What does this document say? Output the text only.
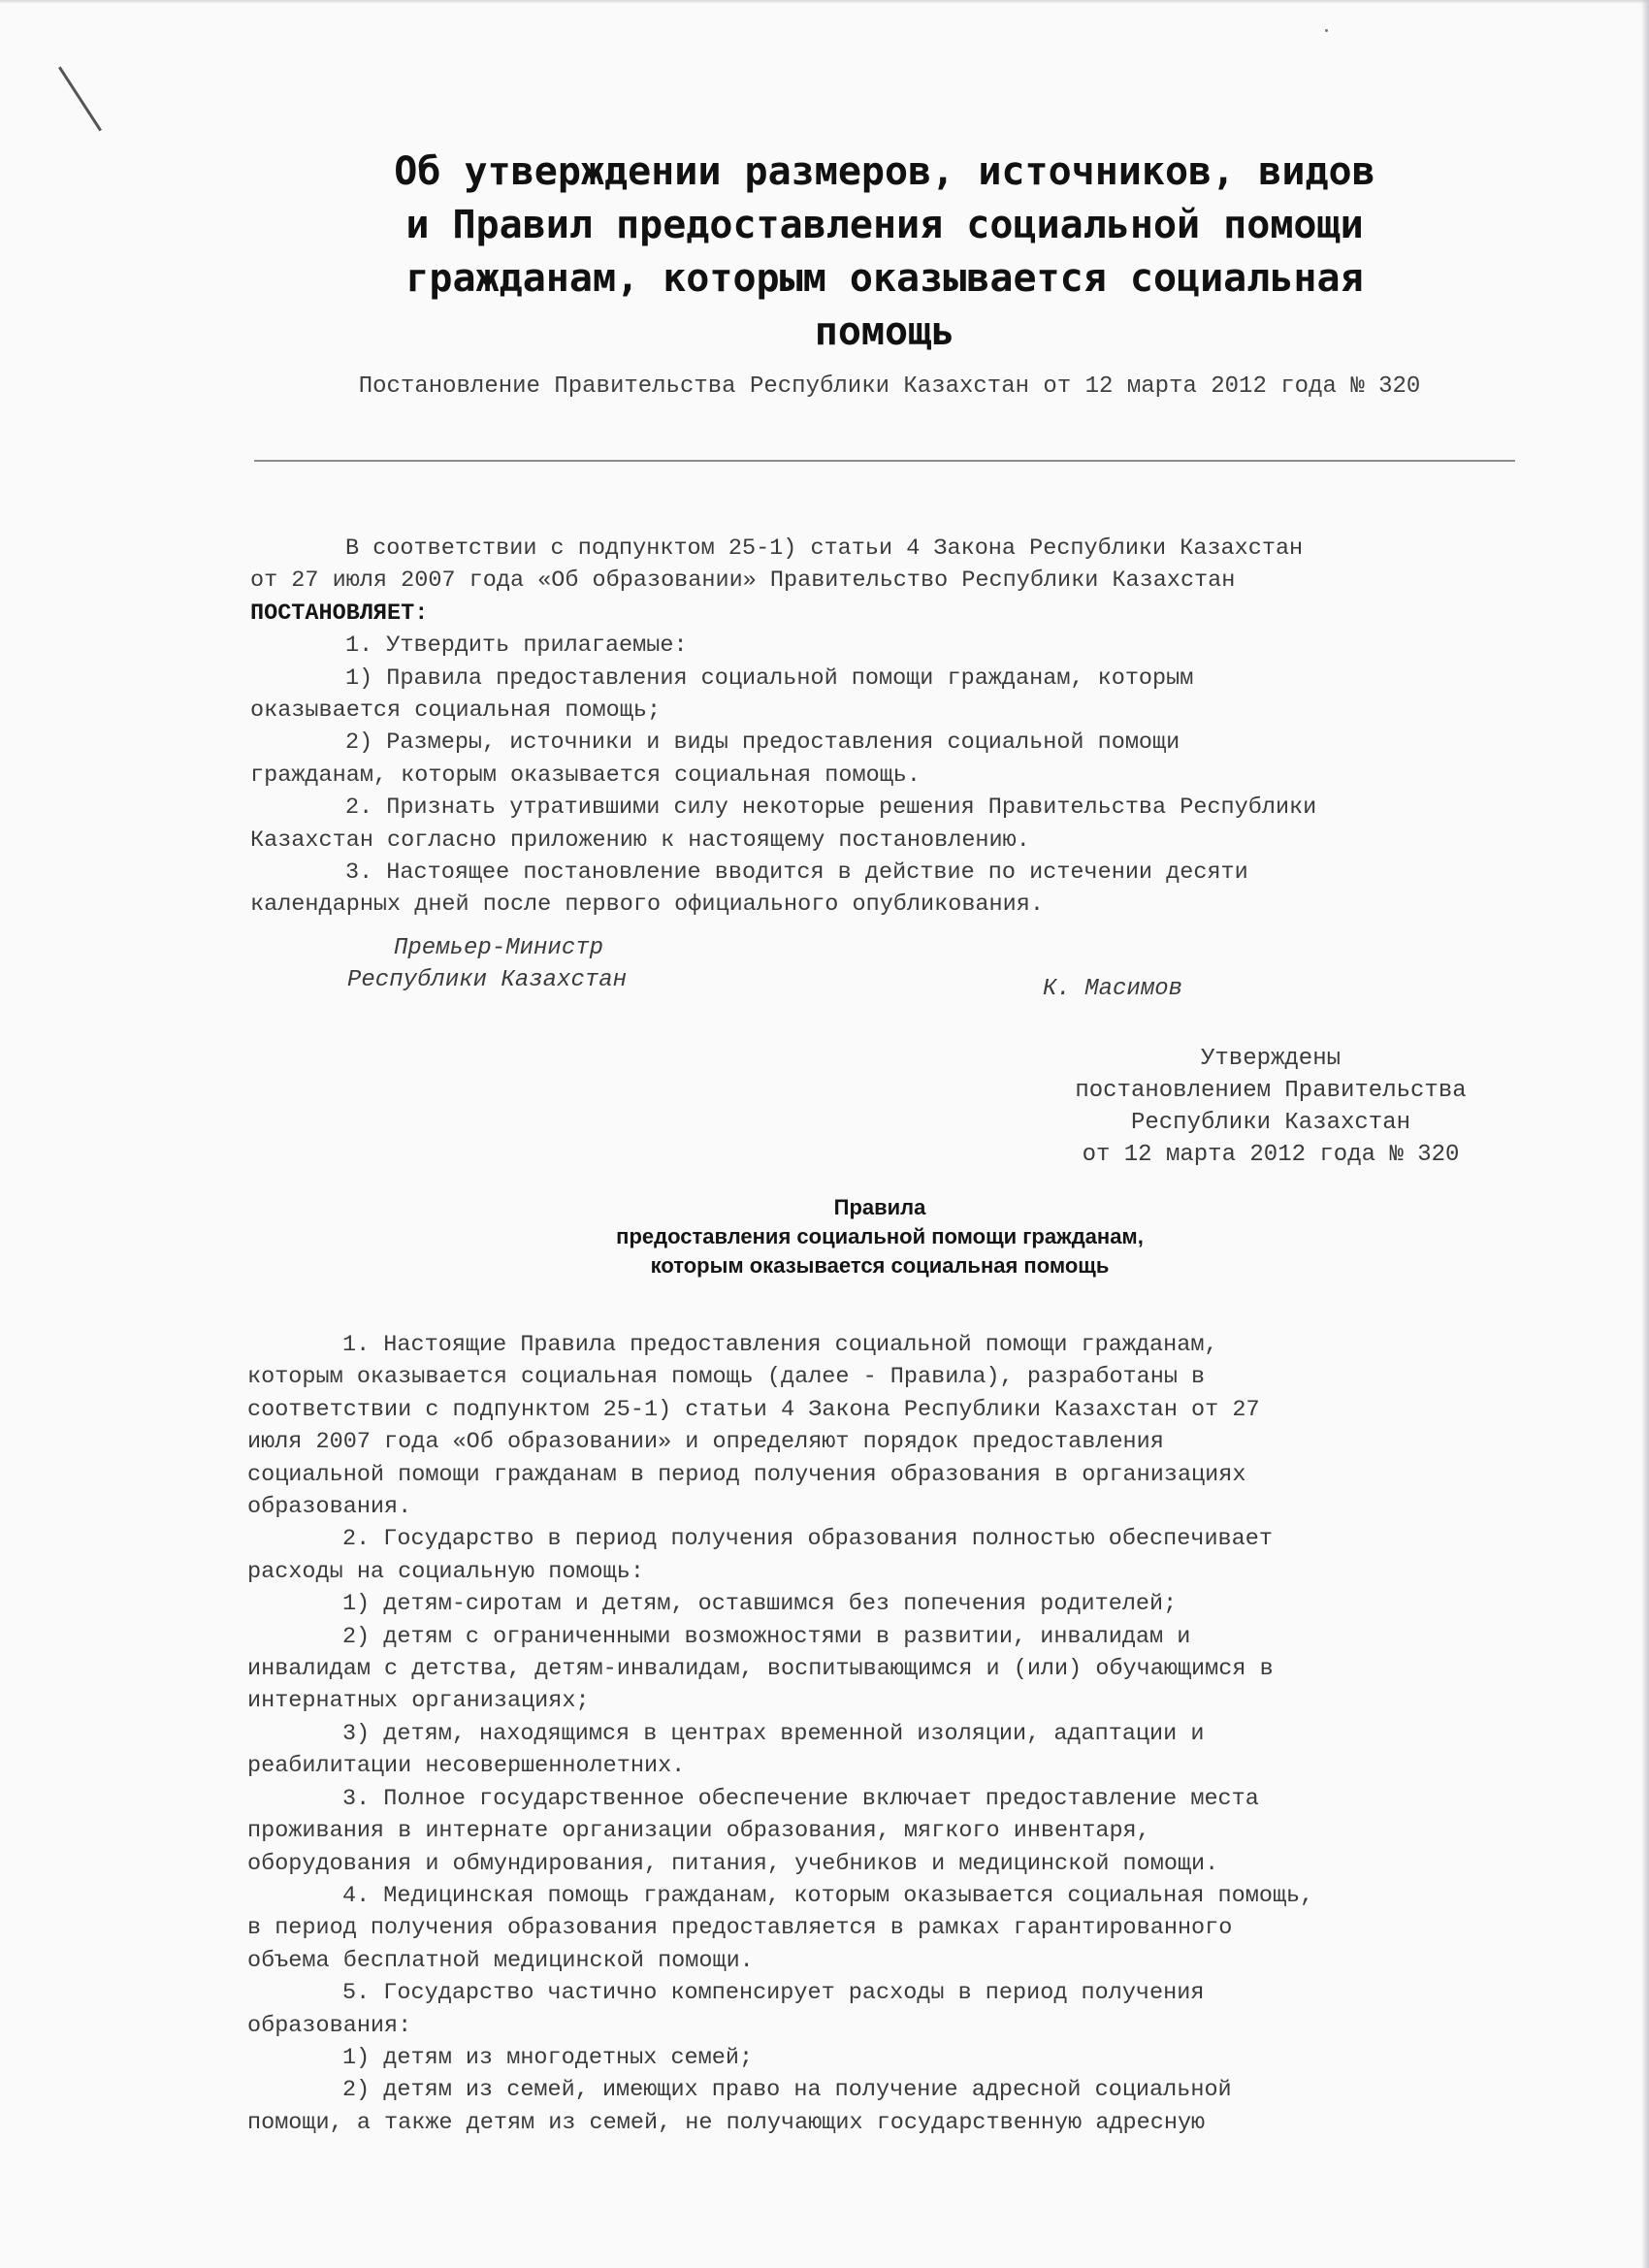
Об утверждении размеров, источников, видов
и Правил предоставления социальной помощи
гражданам, которым оказывается социальная
помощь

Постановление Правительства Республики Казахстан от 12 марта 2012 года № 320

В соответствии с подпунктом 25-1) статьи 4 Закона Республики Казахстан

от 27 июля 2007 года «Об образовании» Правительство Республики Казахстан

ПОСТАНОВЛЯЕТ:

1. Утвердить прилагаемые:

1) Правила предоставления социальной помощи гражданам, которым

оказывается социальная помощь;

2) Размеры, источники и виды предоставления социальной помощи

гражданам, которым оказывается социальная помощь.

2. Признать утратившими силу некоторые решения Правительства Республики

Казахстан согласно приложению к настоящему постановлению.

3. Настоящее постановление вводится в действие по истечении десяти

календарных дней после первого официального опубликования.

Премьер-Министр
Республики Казахстан	К. Масимов
Утверждены
постановлением Правительства
Республики Казахстан
от 12 марта 2012 года № 320
Правила
предоставления социальной помощи гражданам,
которым оказывается социальная помощь

1. Настоящие Правила предоставления социальной помощи гражданам,

которым оказывается социальная помощь (далее - Правила), разработаны в

соответствии с подпунктом 25-1) статьи 4 Закона Республики Казахстан от 27

июля 2007 года «Об образовании» и определяют порядок предоставления

социальной помощи гражданам в период получения образования в организациях

образования.

2. Государство в период получения образования полностью обеспечивает

расходы на социальную помощь:

1) детям-сиротам и детям, оставшимся без попечения родителей;

2) детям с ограниченными возможностями в развитии, инвалидам и

инвалидам с детства, детям-инвалидам, воспитывающимся и (или) обучающимся в

интернатных организациях;

3) детям, находящимся в центрах временной изоляции, адаптации и

реабилитации несовершеннолетних.

3. Полное государственное обеспечение включает предоставление места

проживания в интернате организации образования, мягкого инвентаря,

оборудования и обмундирования, питания, учебников и медицинской помощи.

4. Медицинская помощь гражданам, которым оказывается социальная помощь,

в период получения образования предоставляется в рамках гарантированного

объема бесплатной медицинской помощи.

5. Государство частично компенсирует расходы в период получения

образования:

1) детям из многодетных семей;

2) детям из семей, имеющих право на получение адресной социальной

помощи, а также детям из семей, не получающих государственную адресную
